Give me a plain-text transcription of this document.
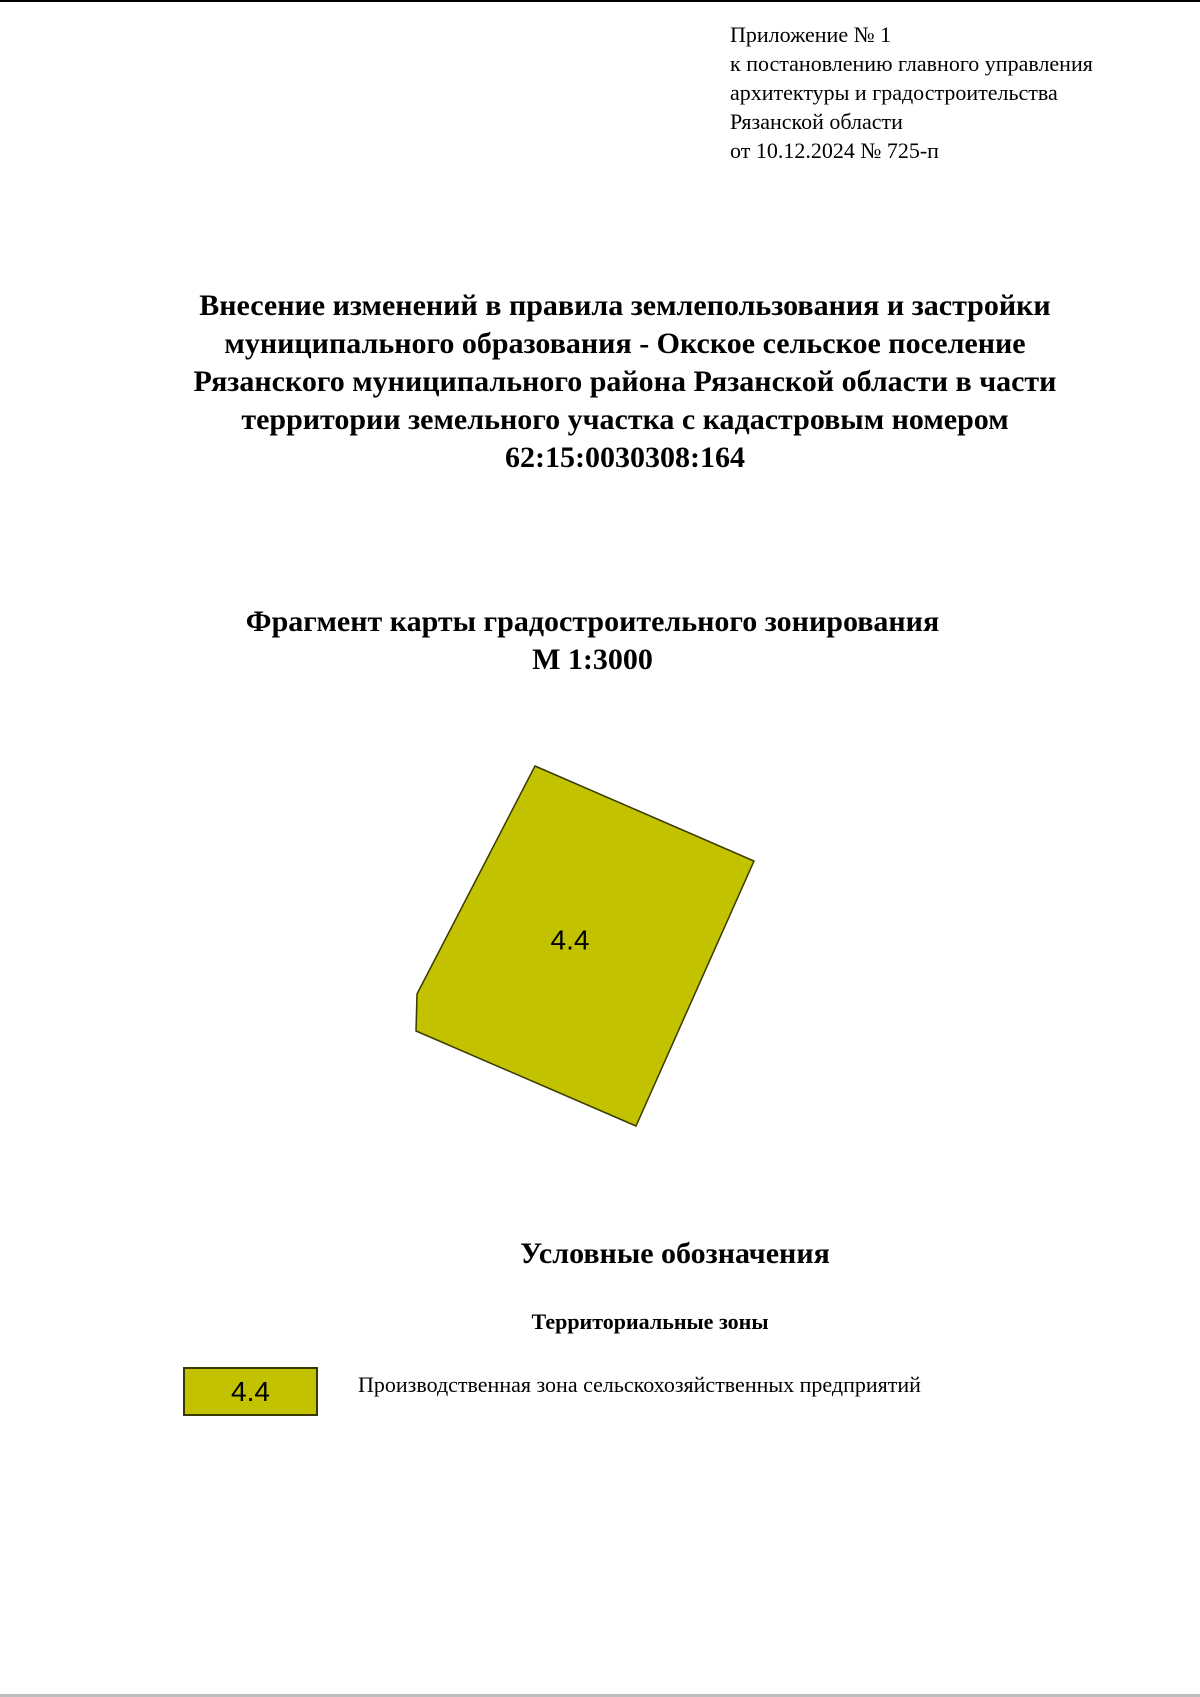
Приложение № 1
к постановлению главного управления
архитектуры и градостроительства
Рязанской области
от 10.12.2024 № 725-п
Внесение изменений в правила землепользования и застройки
муниципального образования - Окское сельское поселение
Рязанского муниципального района Рязанской области в части
территории земельного участка с кадастровым номером
62:15:0030308:164
Фрагмент карты градостроительного зонирования
М 1:3000
4.4
Условные обозначения
Территориальные зоны
4.4	Производственная зона сельскохозяйственных предприятий
